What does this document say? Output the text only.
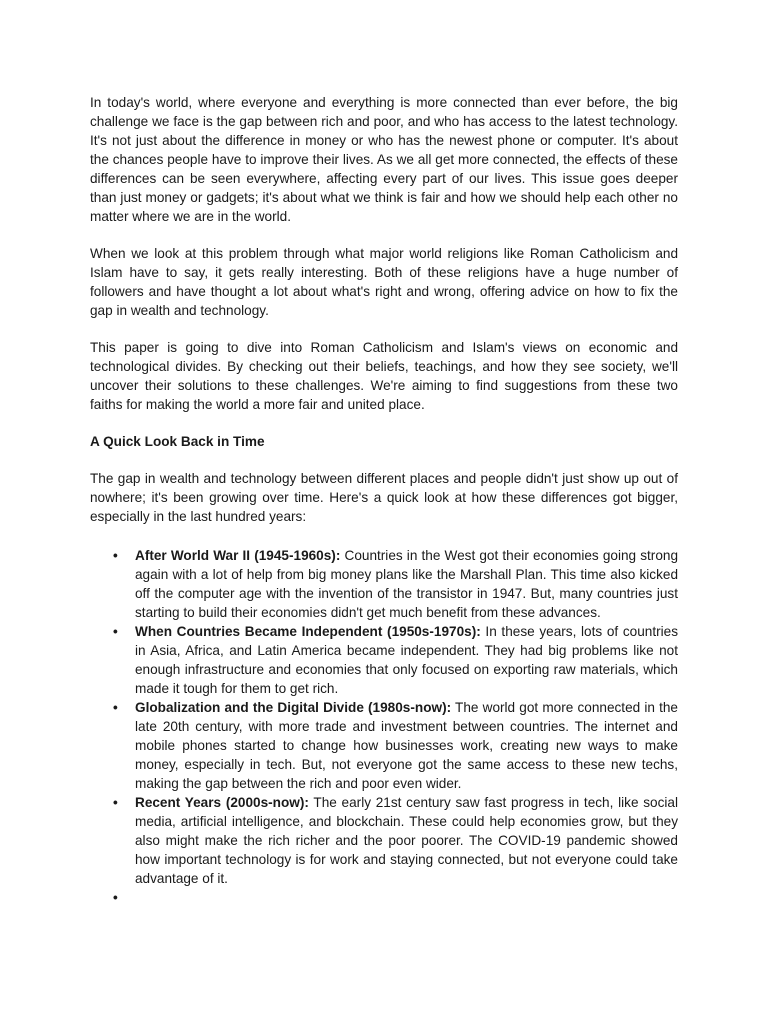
In today's world, where everyone and everything is more connected than ever before, the big challenge we face is the gap between rich and poor, and who has access to the latest technology. It's not just about the difference in money or who has the newest phone or computer. It's about the chances people have to improve their lives. As we all get more connected, the effects of these differences can be seen everywhere, affecting every part of our lives. This issue goes deeper than just money or gadgets; it's about what we think is fair and how we should help each other no matter where we are in the world.

When we look at this problem through what major world religions like Roman Catholicism and Islam have to say, it gets really interesting. Both of these religions have a huge number of followers and have thought a lot about what's right and wrong, offering advice on how to fix the gap in wealth and technology.

This paper is going to dive into Roman Catholicism and Islam's views on economic and technological divides. By checking out their beliefs, teachings, and how they see society, we'll uncover their solutions to these challenges. We're aiming to find suggestions from these two faiths for making the world a more fair and united place.

A Quick Look Back in Time

The gap in wealth and technology between different places and people didn't just show up out of nowhere; it's been growing over time. Here's a quick look at how these differences got bigger, especially in the last hundred years:

• After World War II (1945-1960s): Countries in the West got their economies going strong again with a lot of help from big money plans like the Marshall Plan. This time also kicked off the computer age with the invention of the transistor in 1947. But, many countries just starting to build their economies didn't get much benefit from these advances.
• When Countries Became Independent (1950s-1970s): In these years, lots of countries in Asia, Africa, and Latin America became independent. They had big problems like not enough infrastructure and economies that only focused on exporting raw materials, which made it tough for them to get rich.
• Globalization and the Digital Divide (1980s-now): The world got more connected in the late 20th century, with more trade and investment between countries. The internet and mobile phones started to change how businesses work, creating new ways to make money, especially in tech. But, not everyone got the same access to these new techs, making the gap between the rich and poor even wider.
• Recent Years (2000s-now): The early 21st century saw fast progress in tech, like social media, artificial intelligence, and blockchain. These could help economies grow, but they also might make the rich richer and the poor poorer. The COVID-19 pandemic showed how important technology is for work and staying connected, but not everyone could take advantage of it.
•
